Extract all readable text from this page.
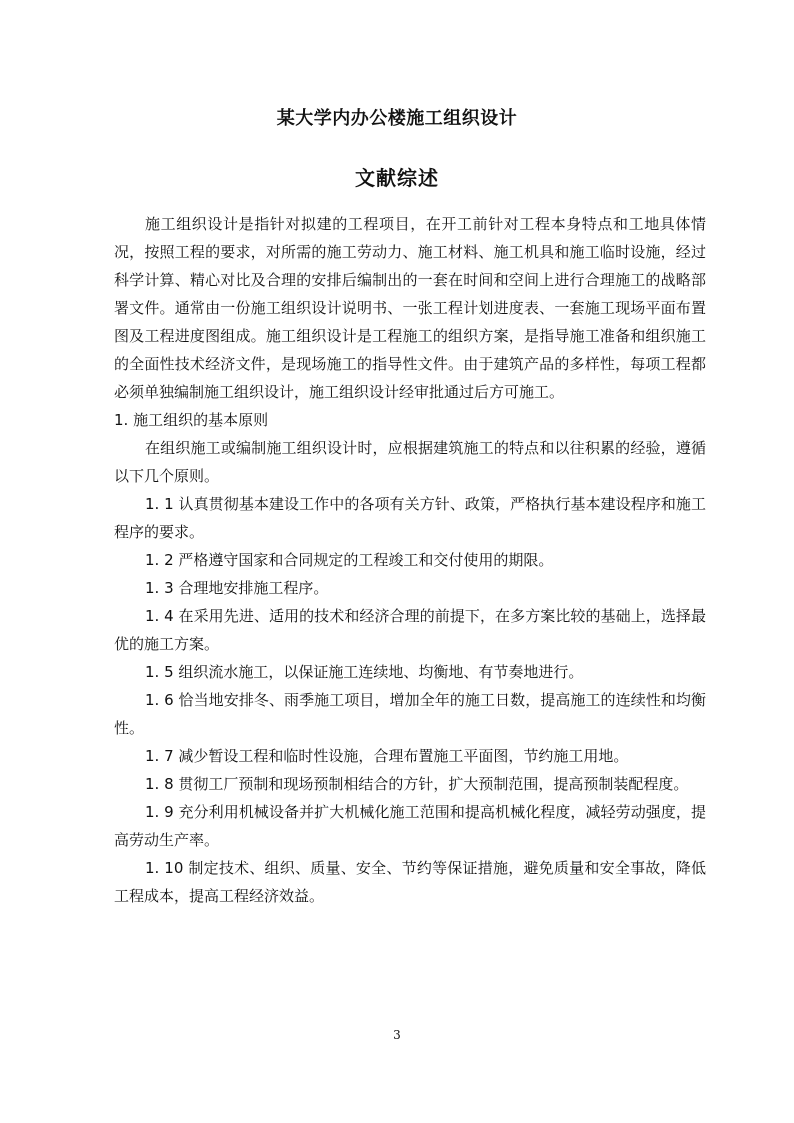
某大学内办公楼施工组织设计
文献综述

施工组织设计是指针对拟建的工程项目，在开工前针对工程本身特点和工地具体情况，按照工程的要求，对所需的施工劳动力、施工材料、施工机具和施工临时设施，经过科学计算、精心对比及合理的安排后编制出的一套在时间和空间上进行合理施工的战略部署文件。通常由一份施工组织设计说明书、一张工程计划进度表、一套施工现场平面布置图及工程进度图组成。施工组织设计是工程施工的组织方案，是指导施工准备和组织施工的全面性技术经济文件，是现场施工的指导性文件。由于建筑产品的多样性，每项工程都必须单独编制施工组织设计，施工组织设计经审批通过后方可施工。

1. 施工组织的基本原则

在组织施工或编制施工组织设计时，应根据建筑施工的特点和以往积累的经验，遵循以下几个原则。

1. 1 认真贯彻基本建设工作中的各项有关方针、政策，严格执行基本建设程序和施工程序的要求。

1. 2 严格遵守国家和合同规定的工程竣工和交付使用的期限。

1. 3 合理地安排施工程序。

1. 4 在采用先进、适用的技术和经济合理的前提下，在多方案比较的基础上，选择最优的施工方案。

1. 5 组织流水施工，以保证施工连续地、均衡地、有节奏地进行。

1. 6 恰当地安排冬、雨季施工项目，增加全年的施工日数，提高施工的连续性和均衡性。

1. 7 减少暂设工程和临时性设施，合理布置施工平面图，节约施工用地。

1. 8 贯彻工厂预制和现场预制相结合的方针，扩大预制范围，提高预制装配程度。

1. 9 充分利用机械设备并扩大机械化施工范围和提高机械化程度，减轻劳动强度，提高劳动生产率。

1. 10 制定技术、组织、质量、安全、节约等保证措施，避免质量和安全事故，降低工程成本，提高工程经济效益。

3
